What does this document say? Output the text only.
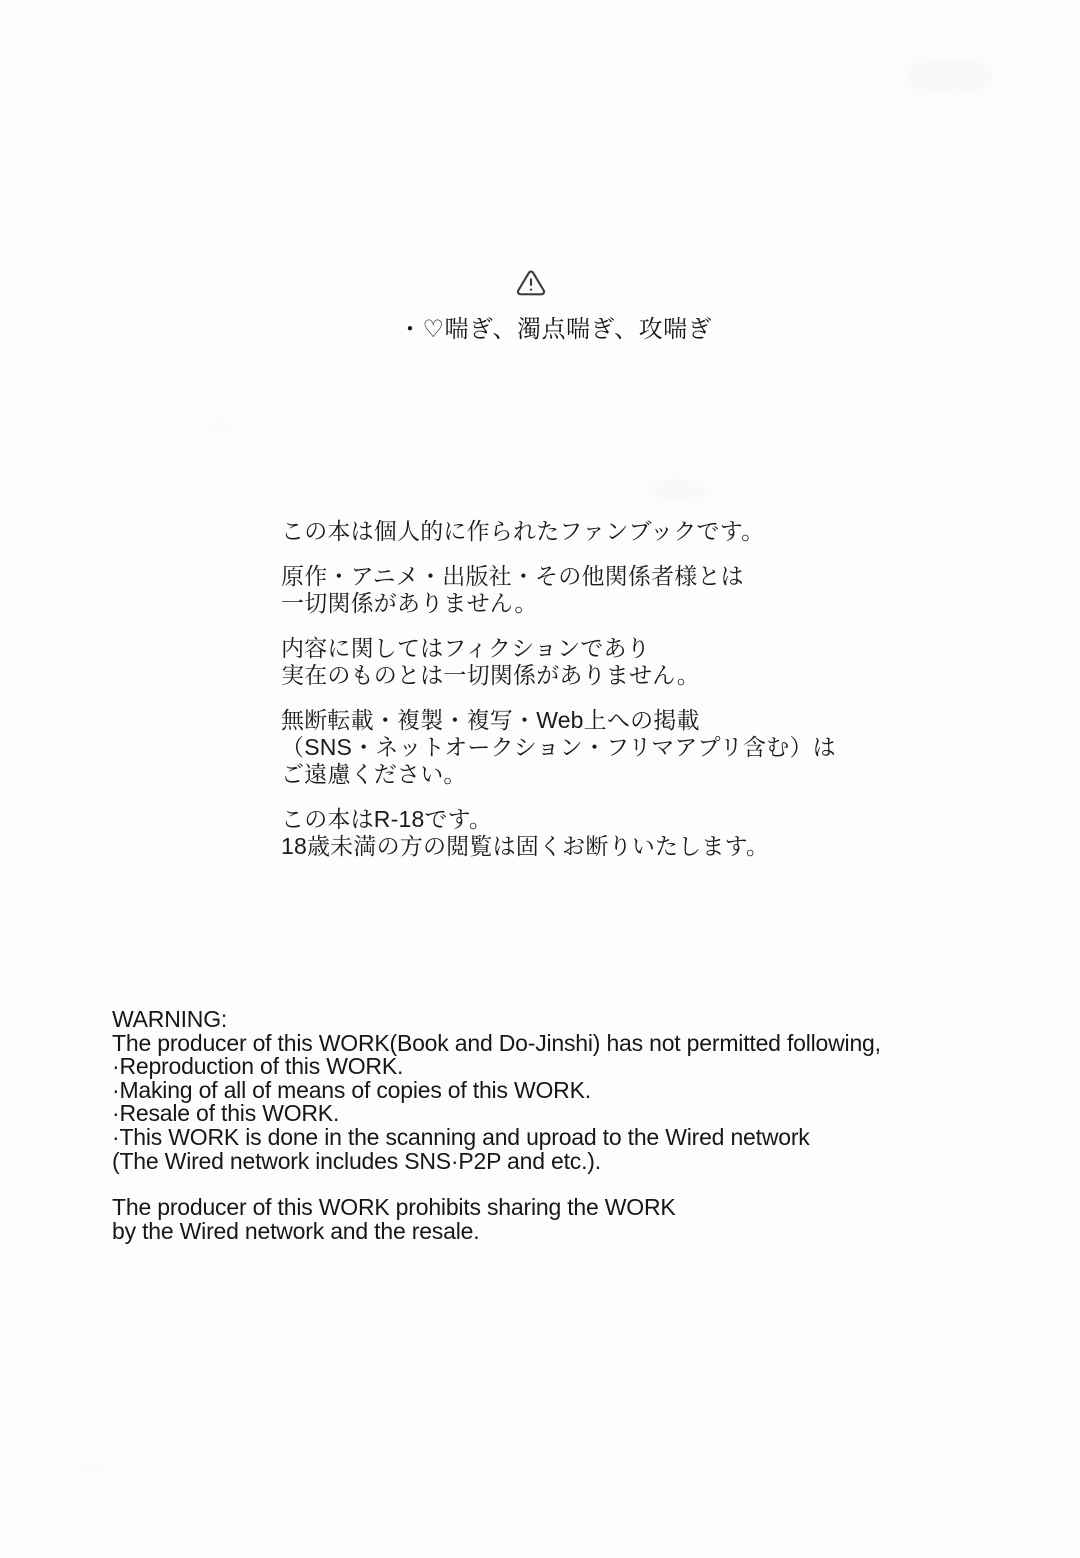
・♡喘ぎ、濁点喘ぎ、攻喘ぎ

この本は個人的に作られたファンブックです。

原作・アニメ・出版社・その他関係者様とは
一切関係がありません。

内容に関してはフィクションであり
実在のものとは一切関係がありません。

無断転載・複製・複写・Web上への掲載
（SNS・ネットオークション・フリマアプリ含む）は
ご遠慮ください。

この本はR-18です。
18歳未満の方の閲覧は固くお断りいたします。

WARNING:
The producer of this WORK(Book and Do-Jinshi) has not permitted following,
·Reproduction of this WORK.
·Making of all of means of copies of this WORK.
·Resale of this WORK.
·This WORK is done in the scanning and uproad to the Wired network
(The Wired network includes SNS·P2P and etc.).
The producer of this WORK prohibits sharing the WORK
by the Wired network and the resale.
